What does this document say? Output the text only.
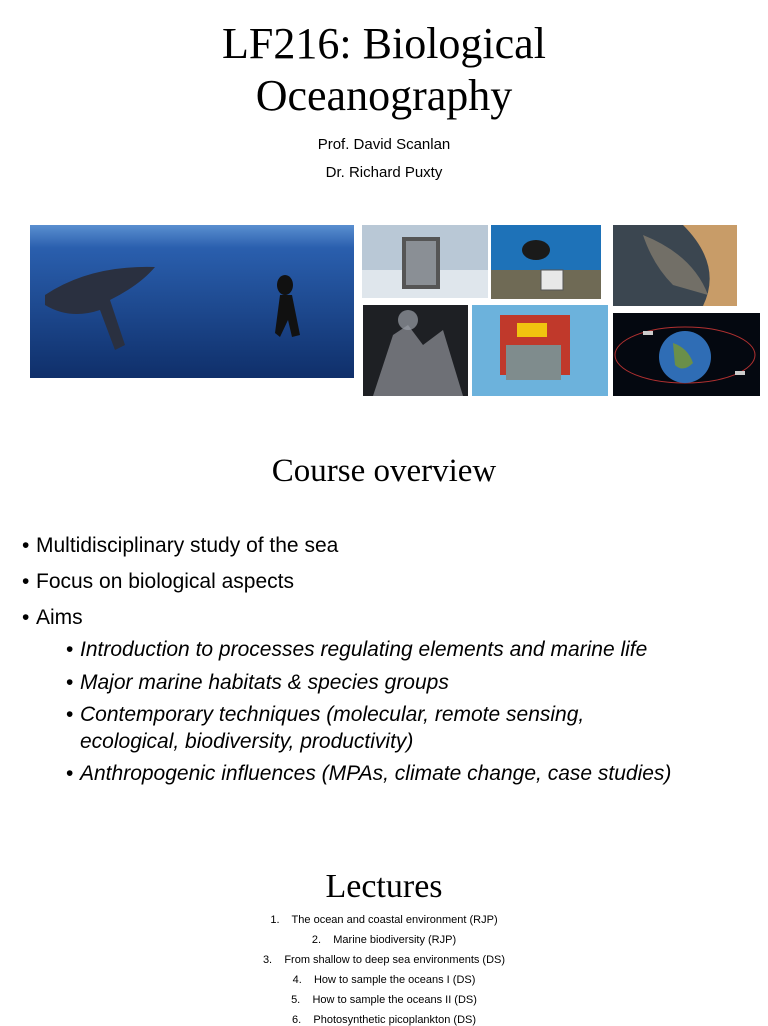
LF216: Biological
Oceanography
Prof. David Scanlan
Dr. Richard Puxty
Course overview
• Multidisciplinary study of the sea
• Focus on biological aspects
• Aims
• Introduction to processes regulating elements and marine life
• Major marine habitats & species groups
• Contemporary techniques (molecular, remote sensing,
ecological, biodiversity, productivity)
• Anthropogenic influences (MPAs, climate change, case studies)
Lectures
1.    The ocean and coastal environment (RJP)
2.    Marine biodiversity (RJP)
3.    From shallow to deep sea environments (DS)
4.    How to sample the oceans I (DS)
5.    How to sample the oceans II (DS)
6.    Photosynthetic picoplankton (DS)
